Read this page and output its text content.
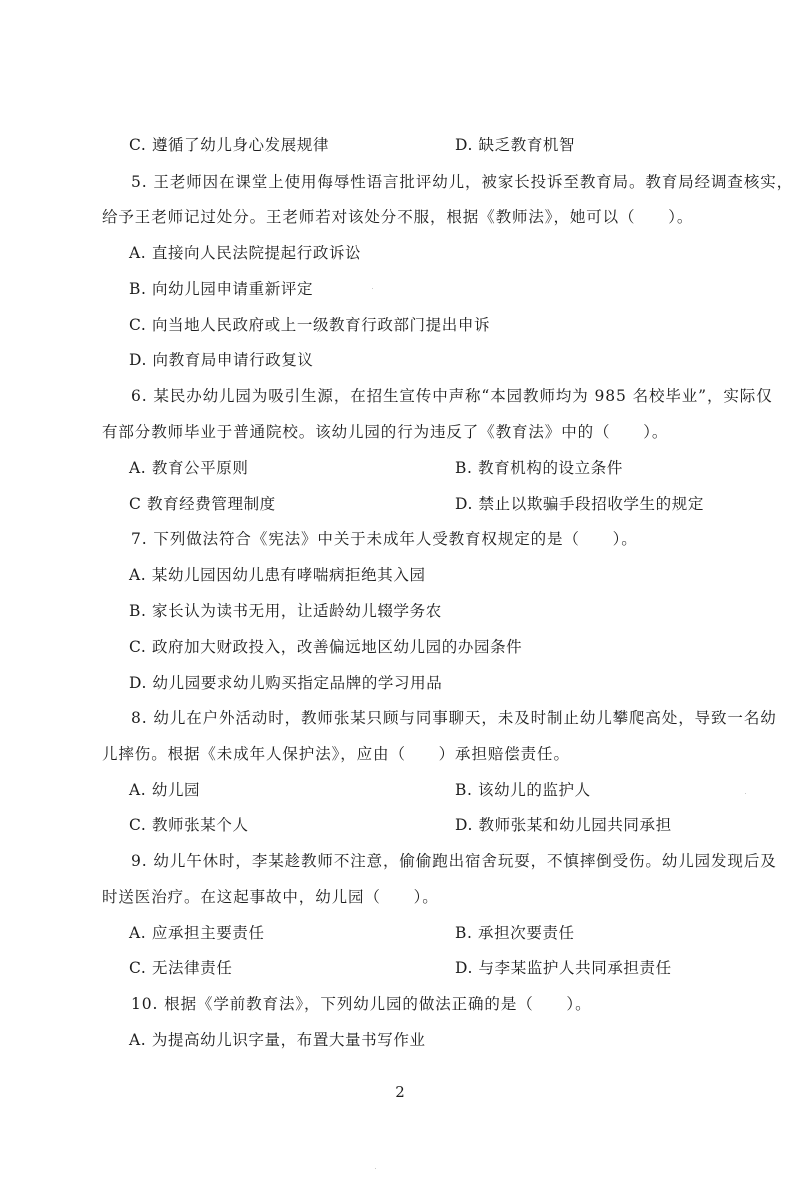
C. 遵循了幼儿身心发展规律	D. 缺乏教育机智
5. 王老师因在课堂上使用侮辱性语言批评幼儿，被家长投诉至教育局。教育局经调查核实，
给予王老师记过处分。王老师若对该处分不服，根据《教师法》，她可以（　　）。
A. 直接向人民法院提起行政诉讼
B. 向幼儿园申请重新评定
C. 向当地人民政府或上一级教育行政部门提出申诉
D. 向教育局申请行政复议
6. 某民办幼儿园为吸引生源，在招生宣传中声称“本园教师均为 985 名校毕业”，实际仅
有部分教师毕业于普通院校。该幼儿园的行为违反了《教育法》中的（　　）。
A. 教育公平原则	B. 教育机构的设立条件
C 教育经费管理制度	D. 禁止以欺骗手段招收学生的规定
7. 下列做法符合《宪法》中关于未成年人受教育权规定的是（　　）。
A. 某幼儿园因幼儿患有哮喘病拒绝其入园
B. 家长认为读书无用，让适龄幼儿辍学务农
C. 政府加大财政投入，改善偏远地区幼儿园的办园条件
D. 幼儿园要求幼儿购买指定品牌的学习用品
8. 幼儿在户外活动时，教师张某只顾与同事聊天，未及时制止幼儿攀爬高处，导致一名幼
儿摔伤。根据《未成年人保护法》，应由（　　）承担赔偿责任。
A. 幼儿园	B. 该幼儿的监护人
C. 教师张某个人	D. 教师张某和幼儿园共同承担
9. 幼儿午休时，李某趁教师不注意，偷偷跑出宿舍玩耍，不慎摔倒受伤。幼儿园发现后及
时送医治疗。在这起事故中，幼儿园（　　）。
A. 应承担主要责任	B. 承担次要责任
C. 无法律责任	D. 与李某监护人共同承担责任
10. 根据《学前教育法》，下列幼儿园的做法正确的是（　　）。
A. 为提高幼儿识字量，布置大量书写作业
2
